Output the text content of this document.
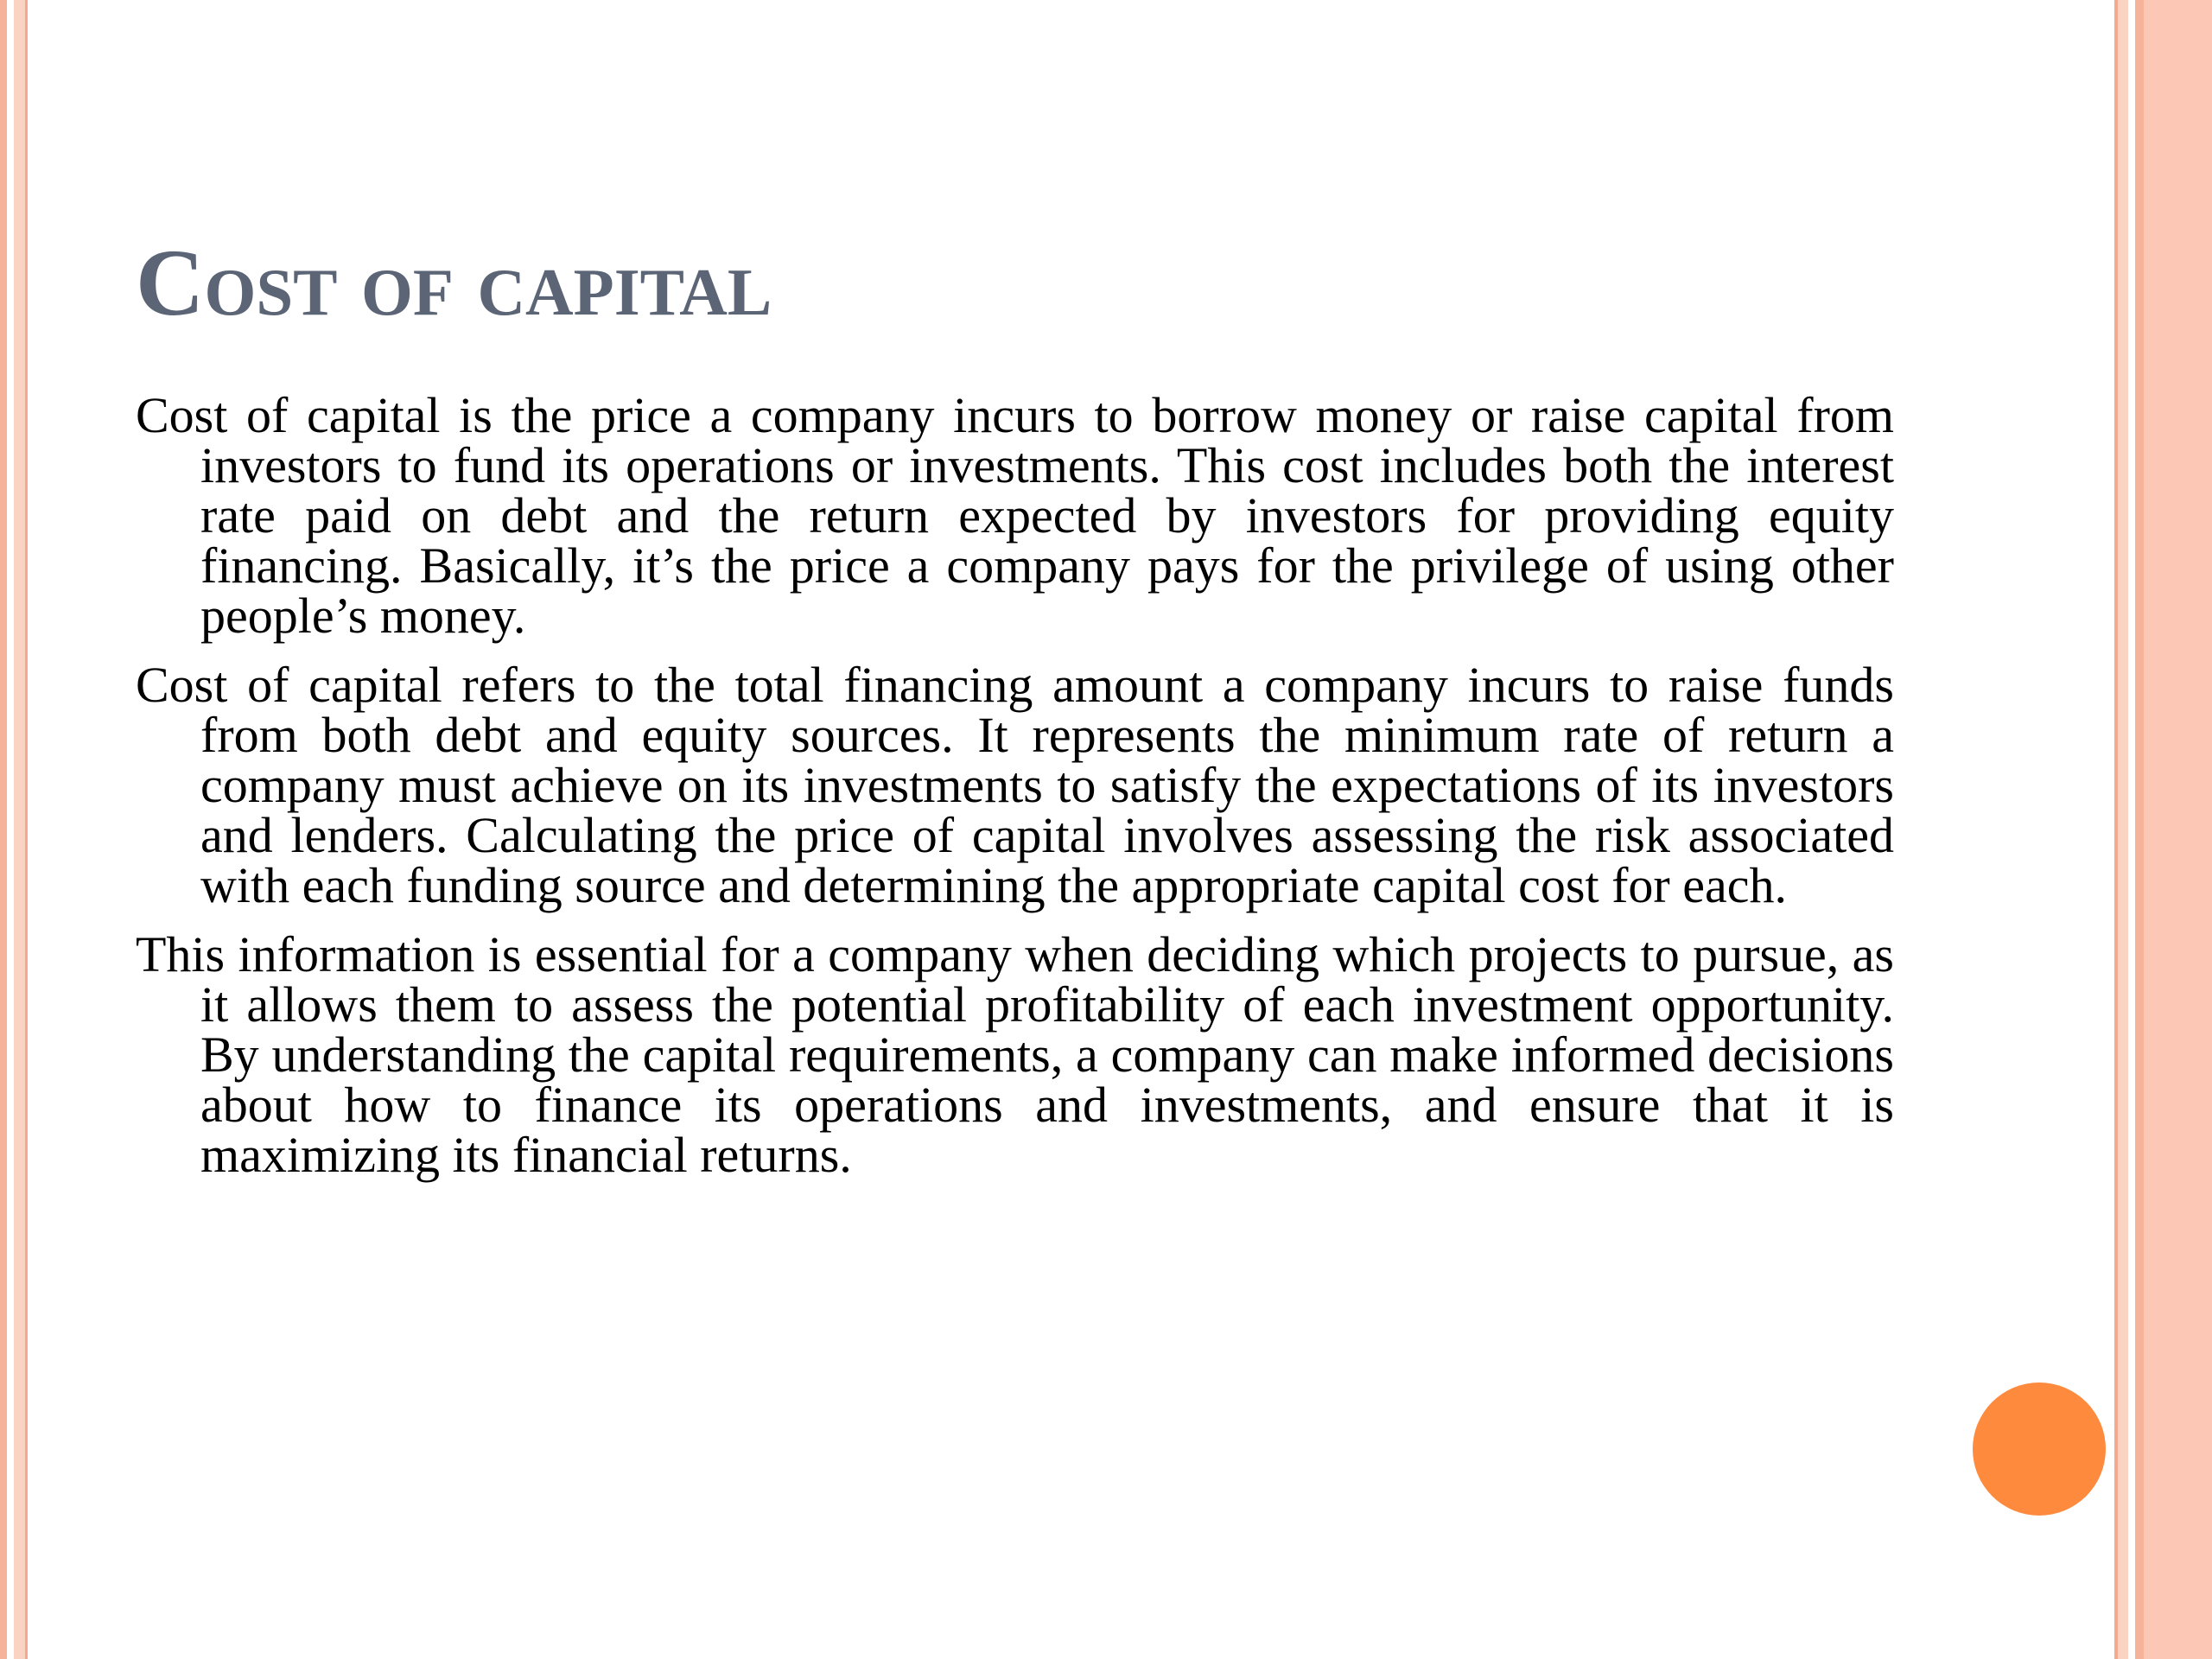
Cost of capital

Cost of capital is the price a company incurs to borrow money or raise capital from investors to fund its operations or investments. This cost includes both the interest rate paid on debt and the return expected by investors for providing equity financing. Basically, it’s the price a company pays for the privilege of using other people’s money.

Cost of capital refers to the total financing amount a company incurs to raise funds from both debt and equity sources. It represents the minimum rate of return a company must achieve on its investments to satisfy the expectations of its investors and lenders. Calculating the price of capital involves assessing the risk associated with each funding source and determining the appropriate capital cost for each.

This information is essential for a company when deciding which projects to pursue, as it allows them to assess the potential profitability of each investment opportunity. By understanding the capital requirements, a company can make informed decisions about how to finance its operations and investments, and ensure that it is maximizing its financial returns.
